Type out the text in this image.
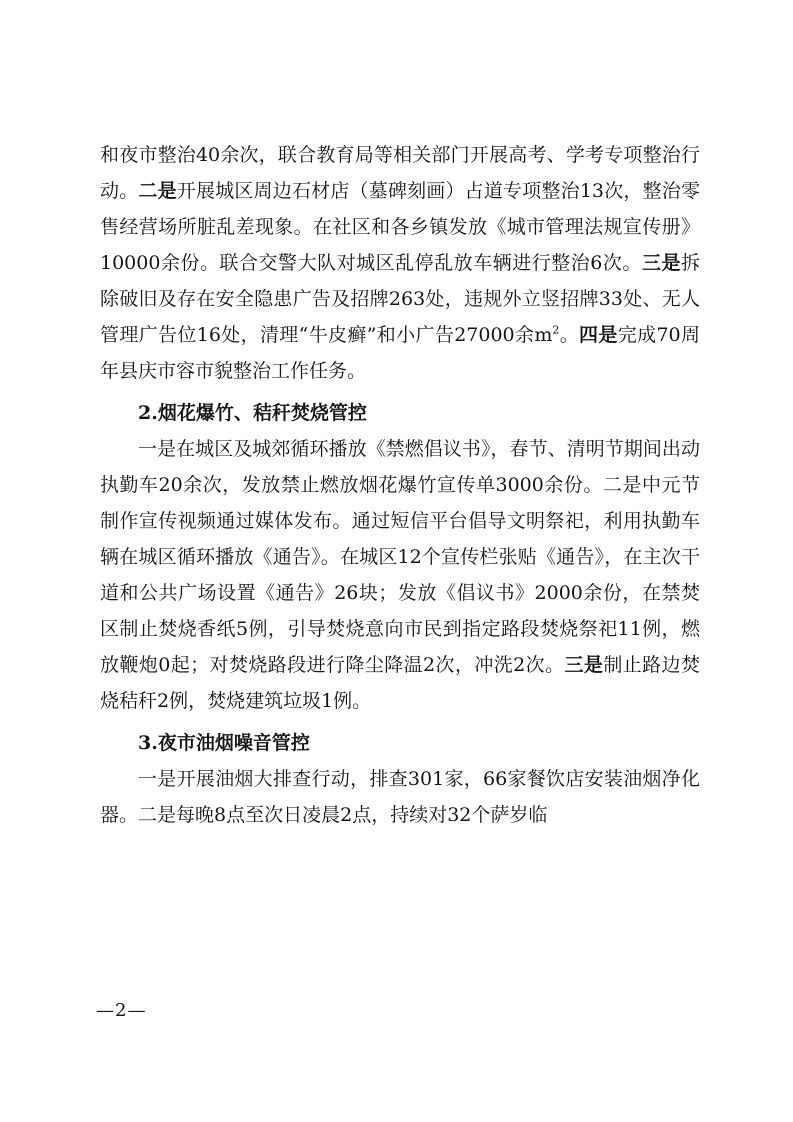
和夜市整治40余次，联合教育局等相关部门开展高考、学考专项整治行动。二是开展城区周边石材店（墓碑刻画）占道专项整治13次，整治零售经营场所脏乱差现象。在社区和各乡镇发放《城市管理法规宣传册》10000余份。联合交警大队对城区乱停乱放车辆进行整治6次。三是拆除破旧及存在安全隐患广告及招牌263处，违规外立竖招牌33处、无人管理广告位16处，清理“牛皮癣”和小广告27000余$m^2$。四是完成70周年县庆市容市貌整治工作任务。

2.烟花爆竹、秸秆焚烧管控

一是在城区及城郊循环播放《禁燃倡议书》，春节、清明节期间出动执勤车20余次，发放禁止燃放烟花爆竹宣传单3000余份。二是中元节制作宣传视频通过媒体发布。通过短信平台倡导文明祭祀，利用执勤车辆在城区循环播放《通告》。在城区12个宣传栏张贴《通告》，在主次干道和公共广场设置《通告》26块；发放《倡议书》2000余份，在禁焚区制止焚烧香纸5例，引导焚烧意向市民到指定路段焚烧祭祀11例，燃放鞭炮0起；对焚烧路段进行降尘降温2次，冲洗2次。三是制止路边焚烧秸秆2例，焚烧建筑垃圾1例。

3.夜市油烟噪音管控

一是开展油烟大排查行动，排查301家，66家餐饮店安装油烟净化器。二是每晚8点至次日凌晨2点，持续对32个萨岁临

—2—
